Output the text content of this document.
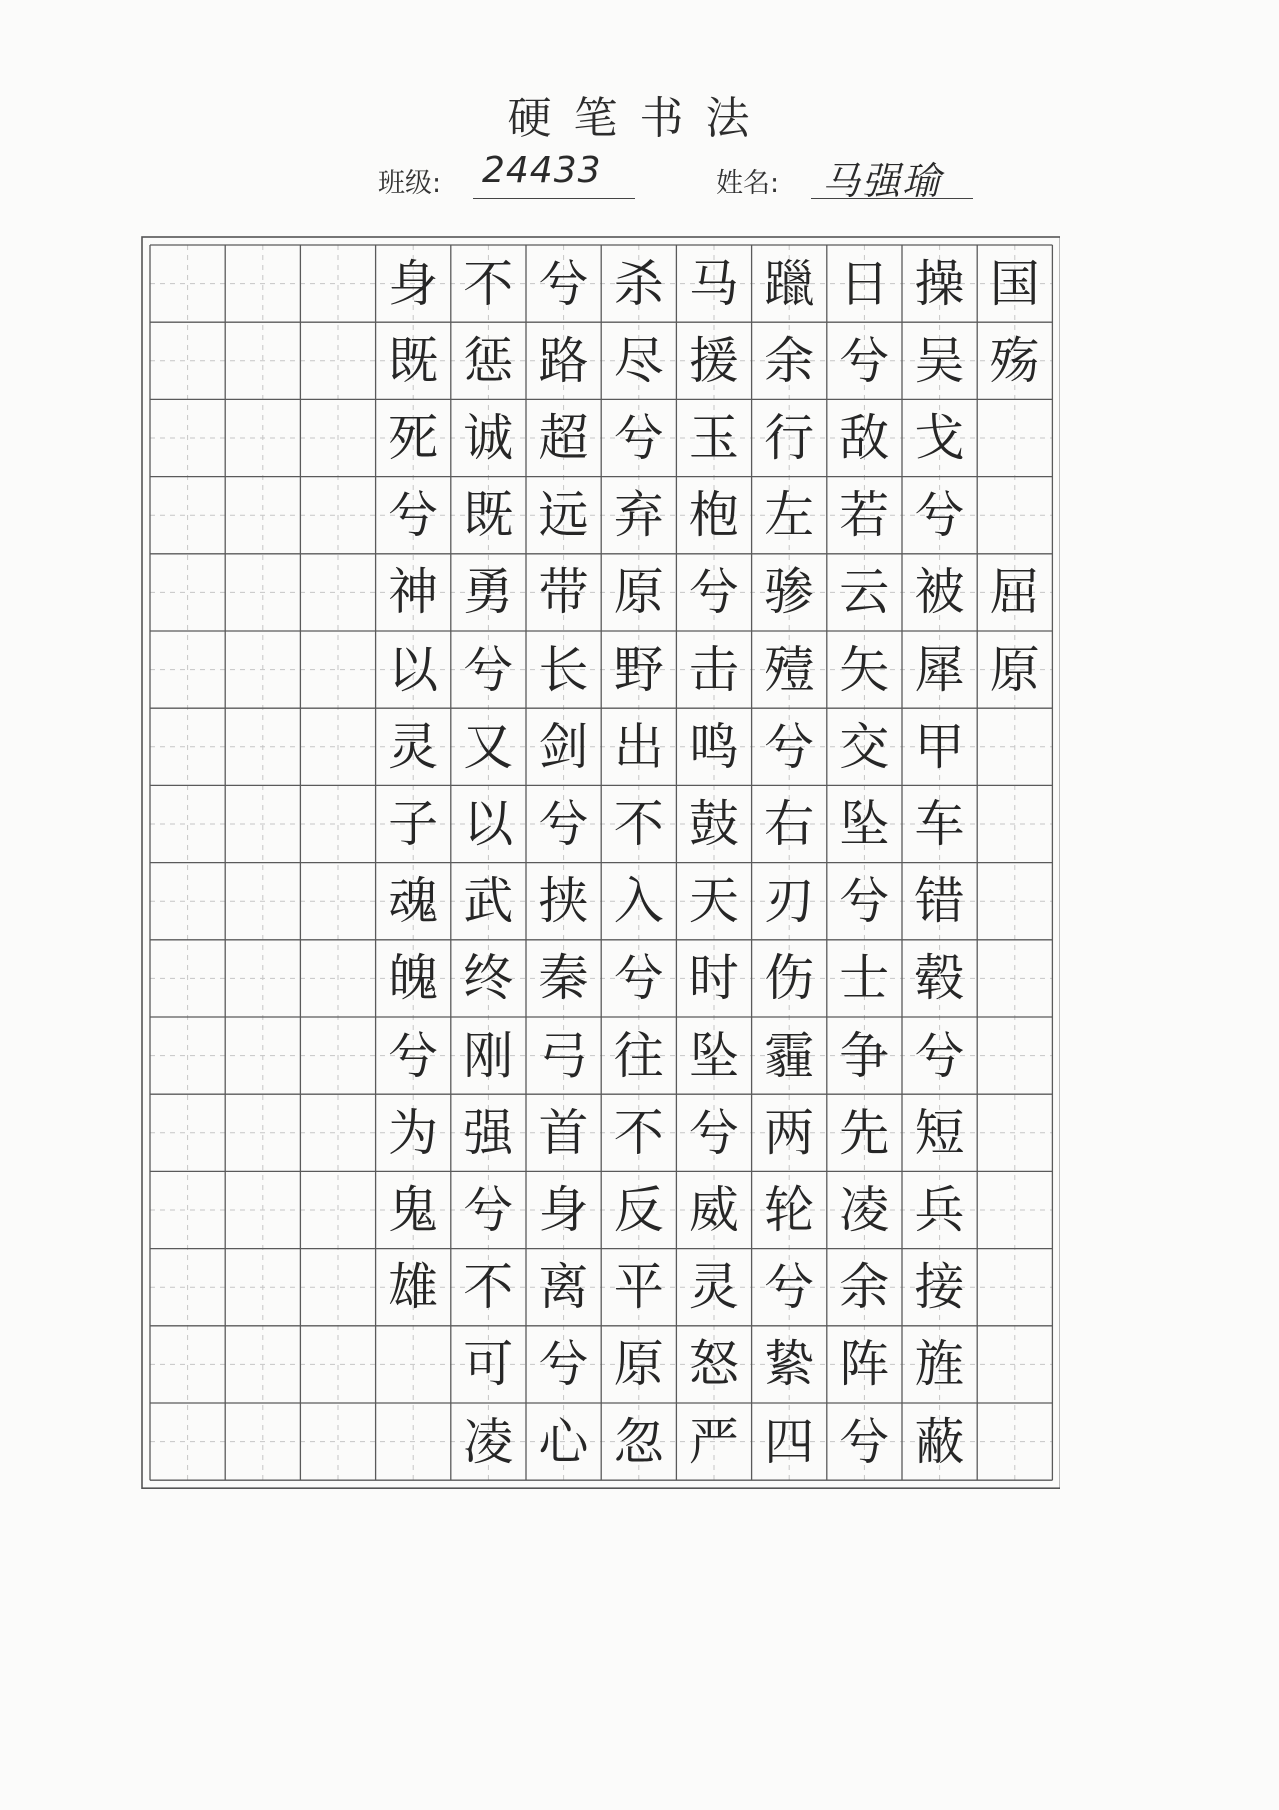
硬笔书法
班级: 24433	姓名: 马强瑜
身
既
死
兮
神
以
灵
子
魂
魄
兮
为
鬼
雄
不
惩
诚
既
勇
兮
又
以
武
终
刚
强
兮
不
可
凌
兮
路
超
远
带
长
剑
兮
挟
秦
弓
首
身
离
兮
心
杀
尽
兮
弃
原
野
出
不
入
兮
往
不
反
平
原
忽
马
援
玉
枹
兮
击
鸣
鼓
天
时
坠
兮
威
灵
怒
严
躐
余
行
左
骖
殪
兮
右
刃
伤
霾
两
轮
兮
絷
四
日
兮
敌
若
云
矢
交
坠
兮
士
争
先
凌
余
阵
兮
操
吴
戈
兮
被
犀
甲
车
错
毂
兮
短
兵
接
旌
蔽
国
殇
屈
原
